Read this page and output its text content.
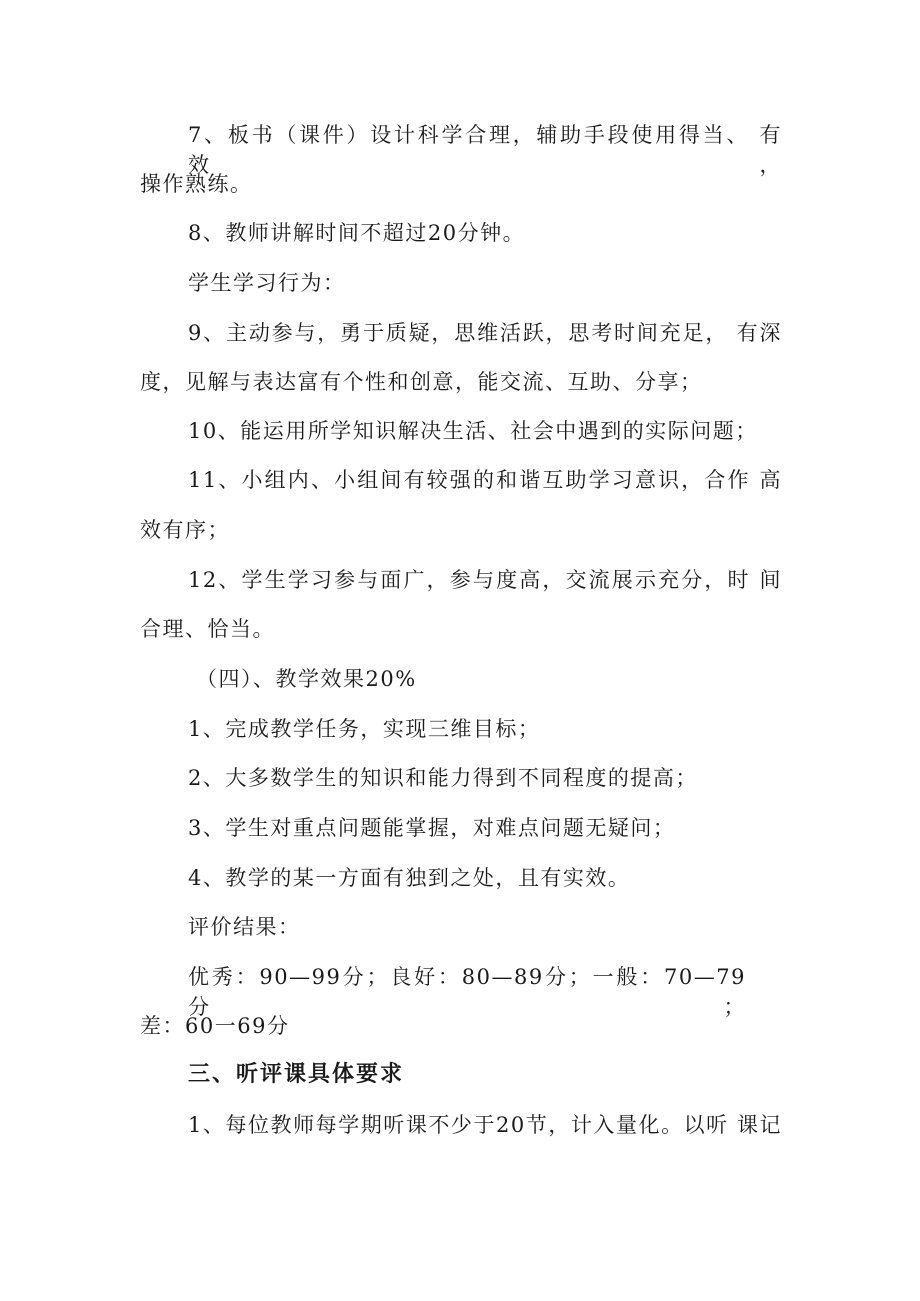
7、板书（课件）设计科学合理，辅助手段使用得当、 有效，
操作熟练。
8、教师讲解时间不超过20分钟。
学生学习行为：
9、主动参与，勇于质疑，思维活跃，思考时间充足， 有深
度，见解与表达富有个性和创意，能交流、互助、分享；
10、能运用所学知识解决生活、社会中遇到的实际问题；
11、小组内、小组间有较强的和谐互助学习意识，合作 高
效有序；
12、学生学习参与面广，参与度高，交流展示充分，时 间
合理、恰当。
（四）、教学效果20%
1、完成教学任务，实现三维目标；
2、大多数学生的知识和能力得到不同程度的提高；
3、学生对重点问题能掌握，对难点问题无疑问；
4、教学的某一方面有独到之处，且有实效。
评价结果：
优秀：90—99分；良好：80—89分；一般：70—79分；
差：60一69分
三、听评课具体要求
1、每位教师每学期听课不少于20节，计入量化。以听 课记
